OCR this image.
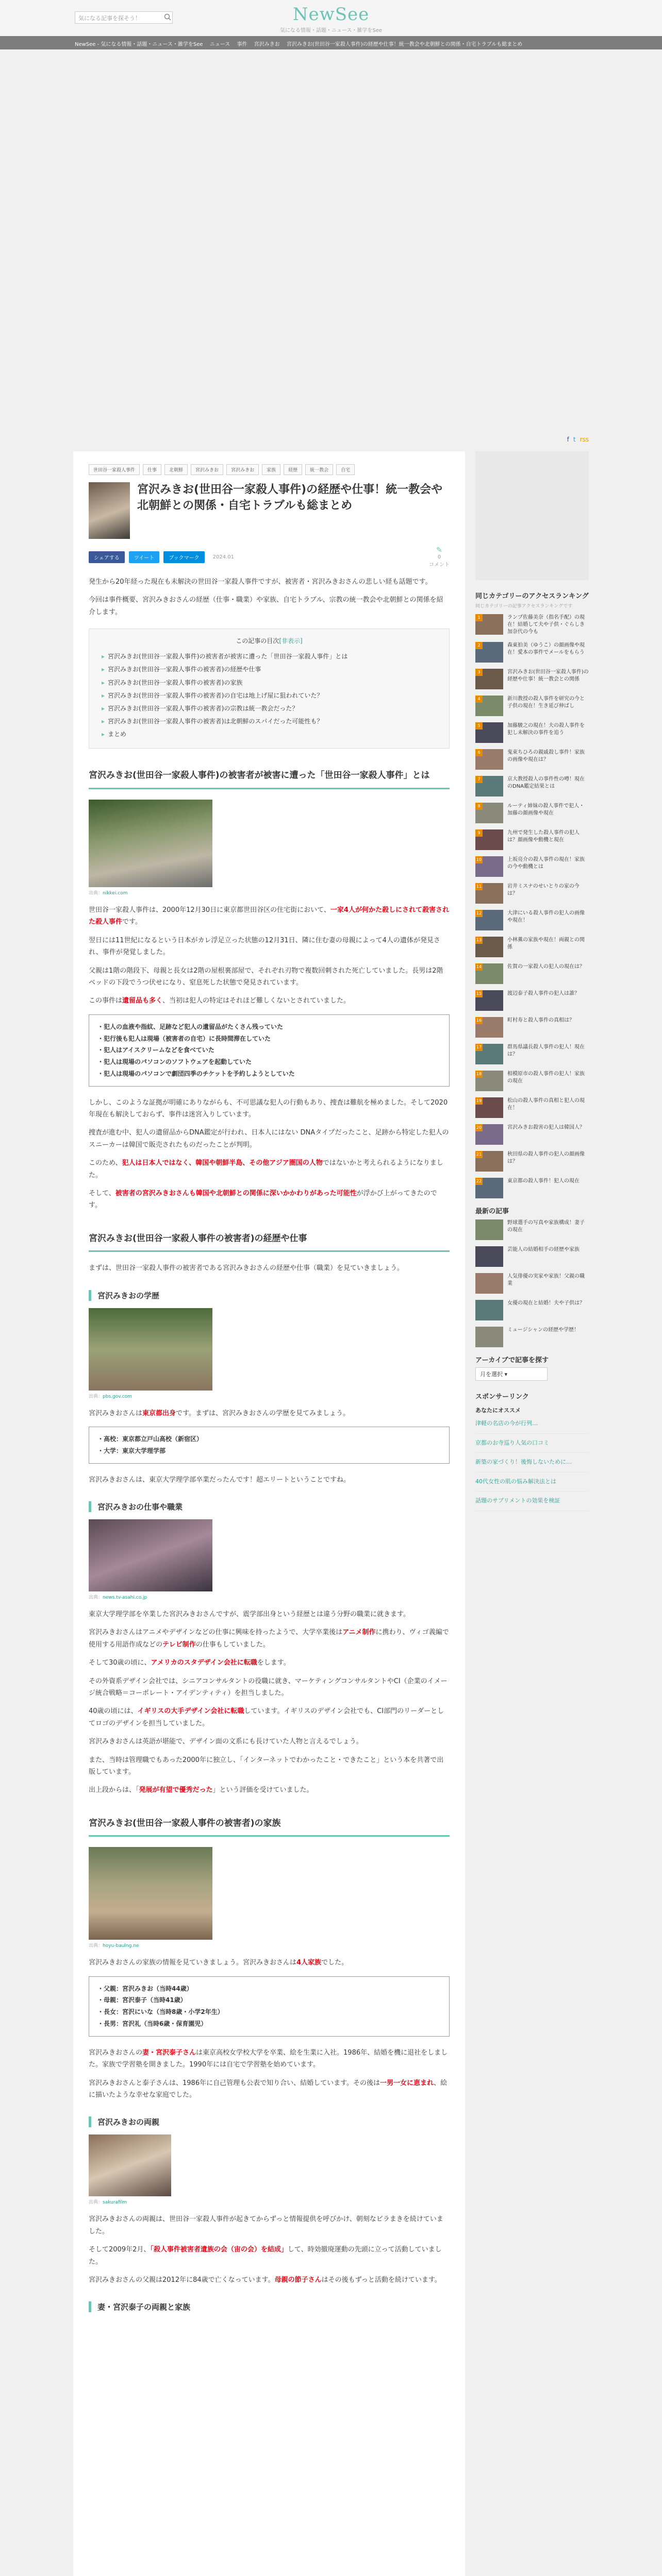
気になる記事を探そう！	NewSee
気になる情報・話題・ニュース・雑学をSee
NewSee - 気になる情報・話題・ニュース・雑学をSee ニュース 事件 宮沢みきお 宮沢みきお(世田谷一家殺人事件)の経歴や仕事！統一教会や北朝鮮との関係・自宅トラブルも総まとめ
世田谷一家殺人事件	仕事	北朝鮮	宮沢みきお	宮沢みきお	家族	経歴	統一教会	自宅
宮沢みきお(世田谷一家殺人事件)の経歴や仕事！統一教会や北朝鮮との関係・自宅トラブルも総まとめ
シェアする	ツイート	ブックマーク	2024.01
✎
0
コメント

発生から20年経った現在も未解決の世田谷一家殺人事件ですが、被害者・宮沢みきおさんの悲しい経も話題です。

今回は事件概要、宮沢みきおさんの経歴（仕事・職業）や家族、自宅トラブル、宗教の統一教会や北朝鮮との関係を紹介します。

この記事の目次[非表示]
▸ 宮沢みきお(世田谷一家殺人事件)の被害者が被害に遭った「世田谷一家殺人事件」とは
▸ 宮沢みきお(世田谷一家殺人事件の被害者)の経歴や仕事
▸ 宮沢みきお(世田谷一家殺人事件の被害者)の家族
▸ 宮沢みきお(世田谷一家殺人事件の被害者)の自宅は地上げ屋に狙われていた？
▸ 宮沢みきお(世田谷一家殺人事件の被害者)の宗教は統一教会だった？
▸ 宮沢みきお(世田谷一家殺人事件の被害者)は北朝鮮のスパイだった可能性も？
▸ まとめ
宮沢みきお(世田谷一家殺人事件)の被害者が被害に遭った「世田谷一家殺人事件」とは
出典：nikkei.com

世田谷一家殺人事件は、2000年12月30日に東京都世田谷区の住宅街において、一家4人が何かた殺しにされて殺害された殺人事件です。

翌日には11世紀になるという日本がカレ浮足立った状態の12月31日、隣に住む妻の母親によって4人の遺体が発見され、事件が発覚しました。

父親は1階の階段下、母親と長女は2階の屋根裏部屋で、それぞれ刃物で複数回刺された死亡していました。長男は2階ベッドの下段でうつ伏せになり、窒息死した状態で発見されています。

この事件は遺留品も多く、当初は犯人の特定はそれほど難しくないとされていました。

・ 犯人の血液や指紋、足跡など犯人の遺留品がたくさん残っていた
・ 犯行後も犯人は現場（被害者の自宅）に長時間滞在していた
・ 犯人はアイスクリームなどを食べていた
・ 犯人は現場のパソコンのソフトウェアを起動していた
・ 犯人は現場のパソコンで劇団四季のチケットを予約しようとしていた

しかし、このような証拠が明確にありながらも、不可思議な犯人の行動もあり、捜査は難航を極めました。そして2020年現在も解決しておらず、事件は迷宮入りしています。

捜査が進む中、犯人の遺留品からDNA鑑定が行われ、日本人にはない DNAタイプだったこと、足跡から特定した犯人のスニーカーは韓国で販売されたものだったことが判明。

このため、犯人は日本人ではなく、韓国や朝鮮半島、その他アジア圏国の人物ではないかと考えられるようになりました。

そして、被害者の宮沢みきおさんも韓国や北朝鮮との関係に深いかかわりがあった可能性が浮かび上がってきたのです。

宮沢みきお(世田谷一家殺人事件の被害者)の経歴や仕事

まずは、世田谷一家殺人事件の被害者である宮沢みきおさんの経歴や仕事（職業）を見ていきましょう。

宮沢みきおの学歴
出典：pbs.gov.com

宮沢みきおさんは東京都出身です。まずは、宮沢みきおさんの学歴を見てみましょう。

・ 高校：東京都立戸山高校（新宿区）
・ 大学：東京大学理学部

宮沢みきおさんは、東京大学理学部卒業だったんです！超エリートということですね。

宮沢みきおの仕事や職業
出典：news.tv-asahi.co.jp

東京大学理学部を卒業した宮沢みきおさんですが、震学部出身という経歴とは違う分野の職業に就きます。

宮沢みきおさんはアニメやデザインなどの仕事に興味を持ったようで、大学卒業後はアニメ制作に携わり、ヴィゴ義編で使用する用語作成などのテレビ制作の仕事もしていました。

そして30歳の頃に、アメリカのスタデザイン会社に転職をします。

その外資系デザイン会社では、シニアコンサルタントの役職に就き、マーケティングコンサルタントやCI（企業のイメージ統合戦略＝コーポレート・アイデンティティ）を担当しました。

40歳の頃には、イギリスの大手デザイン会社に転職しています。イギリスのデザイン会社でも、CI部門のリーダーとしてロゴのデザインを担当していました。

宮沢みきおさんは英語が堪能で、デザイン面の文系にも長けていた人物と言えるでしょう。

また、当時は管理職でもあった2000年に独立し、「インターネットでわかったこと・できたこと」という本を共著で出版しています。

出上段からは、「発展が有望で優秀だった」という評価を受けていました。

宮沢みきお(世田谷一家殺人事件の被害者)の家族
出典：hoyu-baulng.ne

宮沢みきおさんの家族の情報を見ていきましょう。宮沢みきおさんは4人家族でした。

・ 父親：宮沢みきお（当時44歳）
・ 母親：宮沢泰子（当時41歳）
・ 長女：宮沢にいな（当時8歳・小学2年生）
・ 長男：宮沢礼（当時6歳・保育園児）

宮沢みきおさんの妻・宮沢泰子さんは東京高校女学校大学を卒業、絵を生業に入社。1986年、結婚を機に退社をしました。家族で学習塾を開きました。1990年には自宅で学習塾を始めています。

宮沢みきおさんと泰子さんは、1986年に自己管理も公表で知り合い、結婚しています。その後は一男一女に恵まれ、絵に描いたような幸せな家庭でした。

宮沢みきおの両親
出典：sakurafilm

宮沢みきおさんの両親は、世田谷一家殺人事件が起きてからずっと情報提供を呼びかけ、朝刻なビラまきを続けていました。

そして2009年2月、「殺人事件被害者遺族の会（宙の会）を結成」して、時効撤廃運動の先頭に立って活動していました。

宮沢みきおさんの父親は2012年に84歳で亡くなっています。母親の節子さんはその後もずっと活動を続けています。

妻・宮沢泰子の両親と家族
f t rss
同じカテゴリーのアクセスランキング
同じカテゴリーの記事アクセスランキングです
1	ランプ佐藤美奈（指名手配）の現在！結婚して夫や子供・ぐらしき加奈代の今も
2	森東拍美（ゆうこ）の顔画像や現在！愛本の事件でメールをもらう
3	宮沢みきお(世田谷一家殺人事件)の経歴や仕事！統一教会との関係
4	新川教授の殺人事件を研究の今と子供の現在！生き延び伸ばし
5	加藤駿之の現在！夫の殺人事件を犯し未解決の事件を追う
6	鬼束ちひろの親戚殺し事件！家族の画像や現在は？
7	京大教授殺人の事件性の噂！現在のDNA鑑定結果とは
8	ルーティ姉妹の殺人事件で犯人・加藤の顔画像や現在
9	九州で発生した殺人事件の犯人は？顔画像や動機と現在
10	上坂亮介の殺人事件の現在！家族の今や動機とは
11	岩井ミスナのせいとりの家の今は？
12	大津にいる殺人事件の犯人の画像や現在！
13	小林薫の家族や現在！両親との関係
14	佐賀の一家殺人の犯人の現在は？
15	渡辺泰子殺人事件の犯人は誰？
16	町村寿と殺人事件の真相は？
17	群馬県議長殺人事件の犯人！現在は？
18	相模原市の殺人事件の犯人！家族の現在
19	松山の殺人事件の真相と犯人の現在！
20	宮沢みきお殺害の犯人は韓国人？
21	秋田県の殺人事件の犯人の顔画像は？
22	東京都の殺人事件！犯人の現在
最新の記事
野球選手の写真や家族構成！妻子の現在
芸能人の結婚相手の経歴や家族
人気俳優の実家や家族！父親の職業
女優の現在と結婚！夫や子供は？
ミュージシャンの経歴や学歴！
アーカイブで記事を探す
月を選択 ▾
スポンサーリンク
あなたにオススメ
津軽の名店の今が行列…
京都のお寺巡り人気の口コミ
新築の家づくり！後悔しないために…
40代女性の肌の悩み解決法とは
話題のサプリメントの効果を検証
